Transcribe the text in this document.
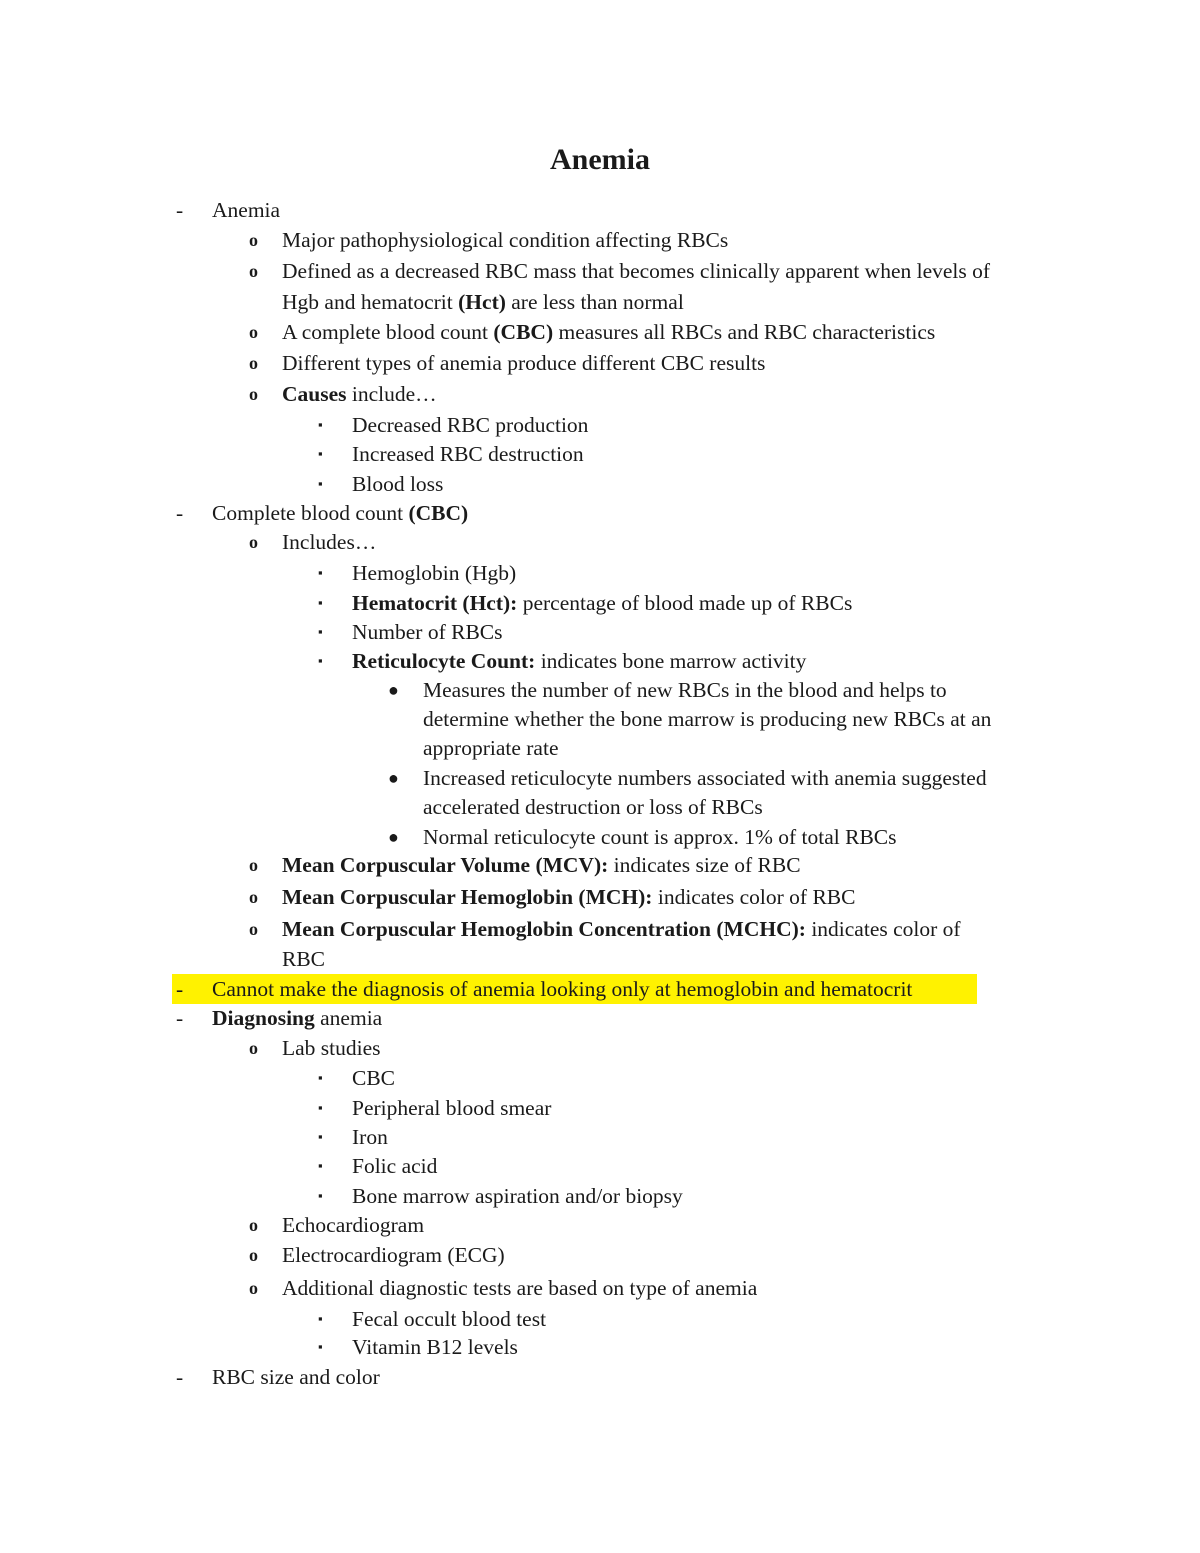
Anemia
- Anemia
o Major pathophysiological condition affecting RBCs
o Defined as a decreased RBC mass that becomes clinically apparent when levels of
Hgb and hematocrit (Hct) are less than normal
o A complete blood count (CBC) measures all RBCs and RBC characteristics
o Different types of anemia produce different CBC results
o Causes include…
▪ Decreased RBC production
▪ Increased RBC destruction
▪ Blood loss
- Complete blood count (CBC)
o Includes…
▪ Hemoglobin (Hgb)
▪ Hematocrit (Hct): percentage of blood made up of RBCs
▪ Number of RBCs
▪ Reticulocyte Count: indicates bone marrow activity
● Measures the number of new RBCs in the blood and helps to
determine whether the bone marrow is producing new RBCs at an
appropriate rate
● Increased reticulocyte numbers associated with anemia suggested
accelerated destruction or loss of RBCs
● Normal reticulocyte count is approx. 1% of total RBCs
o Mean Corpuscular Volume (MCV): indicates size of RBC
o Mean Corpuscular Hemoglobin (MCH): indicates color of RBC
o Mean Corpuscular Hemoglobin Concentration (MCHC): indicates color of
RBC
- Cannot make the diagnosis of anemia looking only at hemoglobin and hematocrit
- Diagnosing anemia
o Lab studies
▪ CBC
▪ Peripheral blood smear
▪ Iron
▪ Folic acid
▪ Bone marrow aspiration and/or biopsy
o Echocardiogram
o Electrocardiogram (ECG)
o Additional diagnostic tests are based on type of anemia
▪ Fecal occult blood test
▪ Vitamin B12 levels
- RBC size and color
